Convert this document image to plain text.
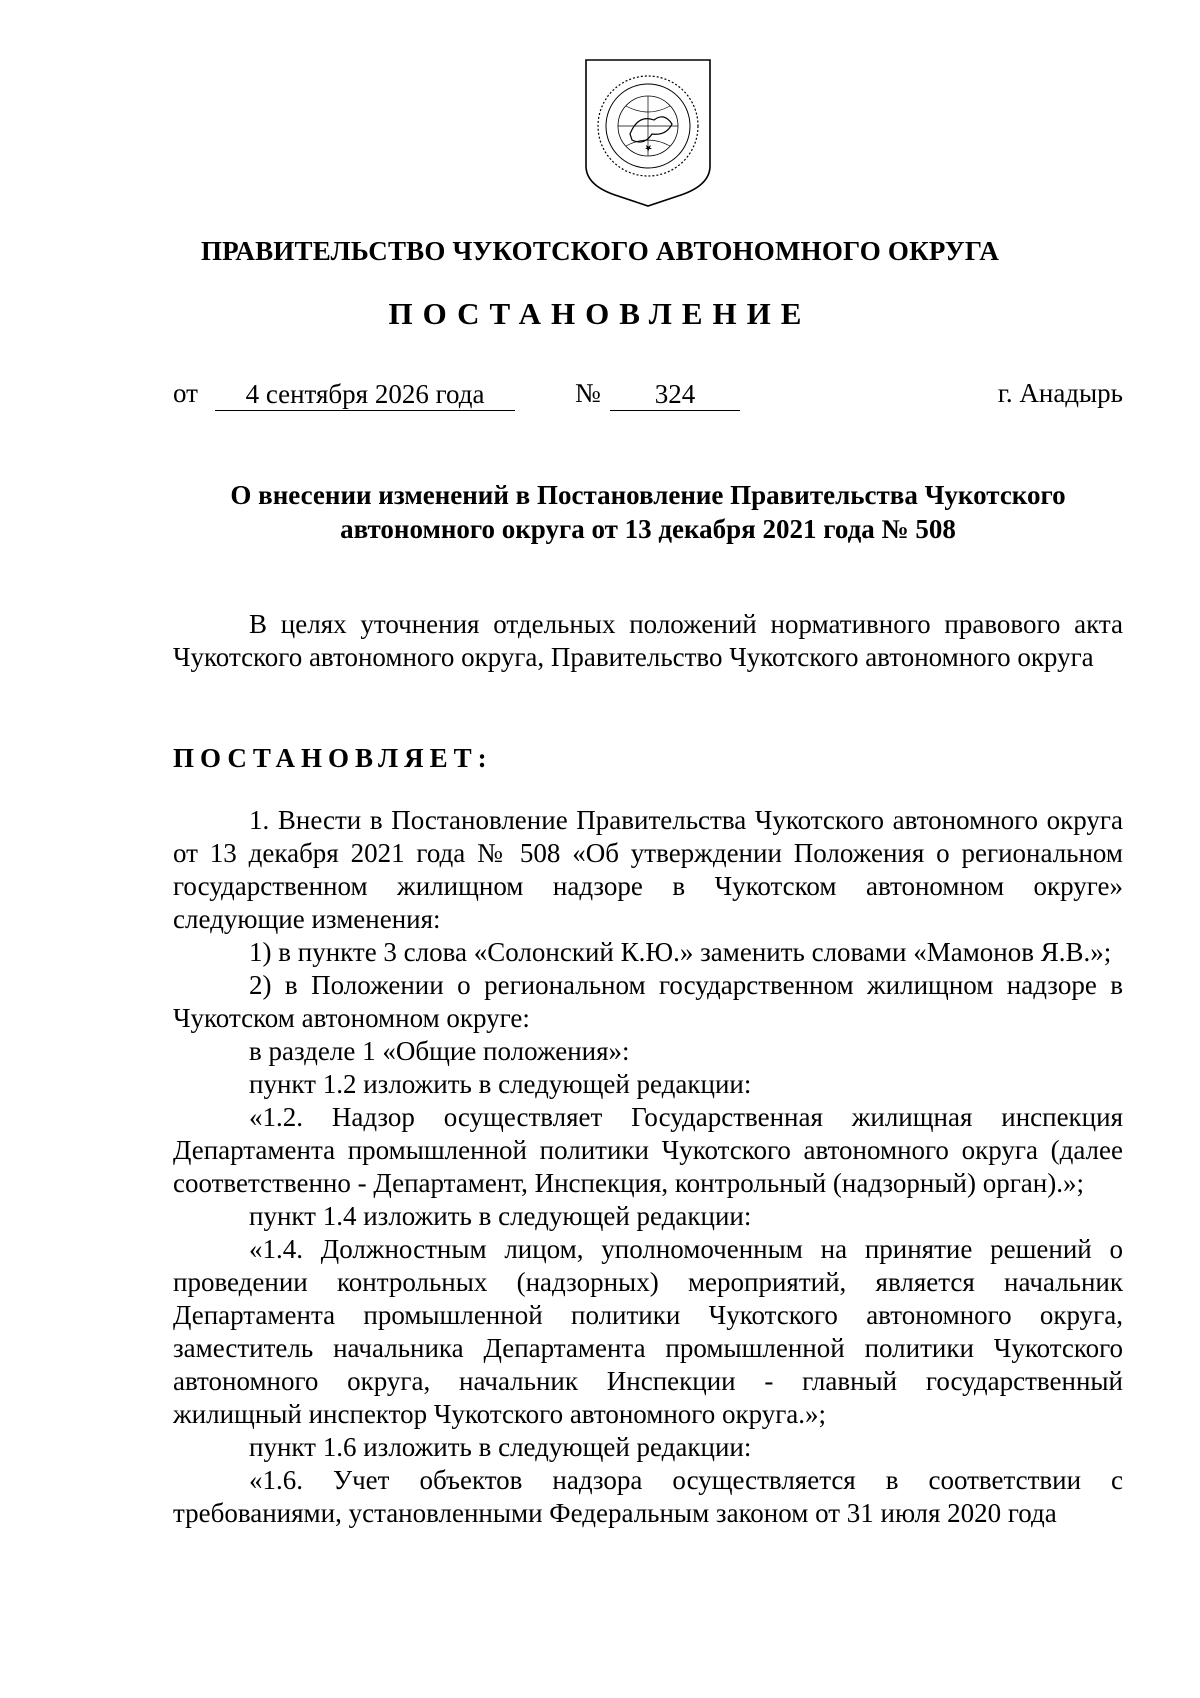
ПРАВИТЕЛЬСТВО ЧУКОТСКОГО АВТОНОМНОГО ОКРУГА
ПОСТАНОВЛЕНИЕ
от	4 сентября 2026 года	№	324	г. Анадырь
О внесении изменений в Постановление Правительства Чукотского
автономного округа от 13 декабря 2021 года № 508

В целях уточнения отдельных положений нормативного правового акта Чукотского автономного округа, Правительство Чукотского автономного округа

ПОСТАНОВЛЯЕТ:

1. Внести в Постановление Правительства Чукотского автономного округа от 13 декабря 2021 года № 508 «Об утверждении Положения о региональном государственном жилищном надзоре в Чукотском автономном округе» следующие изменения:

1) в пункте 3 слова «Солонский К.Ю.» заменить словами «Мамонов Я.В.»;

2) в Положении о региональном государственном жилищном надзоре в Чукотском автономном округе:

в разделе 1 «Общие положения»:

пункт 1.2 изложить в следующей редакции:

«1.2. Надзор осуществляет Государственная жилищная инспекция Департамента промышленной политики Чукотского автономного округа (далее соответственно - Департамент, Инспекция, контрольный (надзорный) орган).»;

пункт 1.4 изложить в следующей редакции:

«1.4. Должностным лицом, уполномоченным на принятие решений о проведении контрольных (надзорных) мероприятий, является начальник Департамента промышленной политики Чукотского автономного округа, заместитель начальника Департамента промышленной политики Чукотского автономного округа, начальник Инспекции - главный государственный жилищный инспектор Чукотского автономного округа.»;

пункт 1.6 изложить в следующей редакции:

«1.6. Учет объектов надзора осуществляется в соответствии с требованиями, установленными Федеральным законом от 31 июля 2020 года
